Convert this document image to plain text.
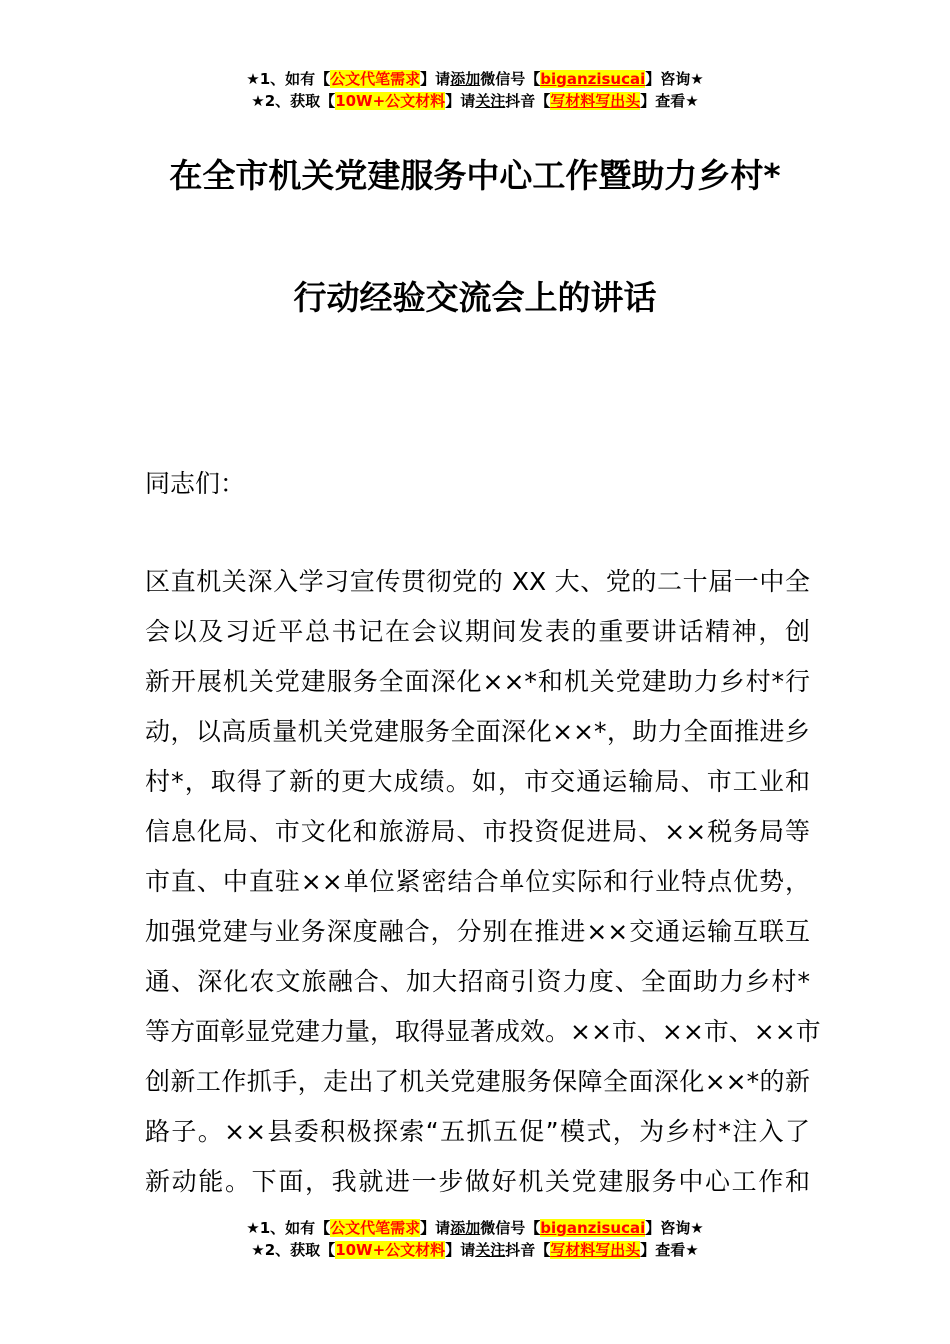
★1、如有【公文代笔需求】请添加微信号【biganzisucai】咨询★
★2、获取【10W+公文材料】请关注抖音【写材料写出头】查看★
在全市机关党建服务中心工作暨助力乡村*
行动经验交流会上的讲话
同志们：
区直机关深入学习宣传贯彻党的 XX 大、党的二十届一中全
会以及习近平总书记在会议期间发表的重要讲话精神，创
新开展机关党建服务全面深化××*和机关党建助力乡村*行
动，以高质量机关党建服务全面深化××*，助力全面推进乡
村*，取得了新的更大成绩。如，市交通运输局、市工业和
信息化局、市文化和旅游局、市投资促进局、××税务局等
市直、中直驻××单位紧密结合单位实际和行业特点优势，
加强党建与业务深度融合，分别在推进××交通运输互联互
通、深化农文旅融合、加大招商引资力度、全面助力乡村*
等方面彰显党建力量，取得显著成效。××市、××市、××市
创新工作抓手，走出了机关党建服务保障全面深化××*的新
路子。××县委积极探索“五抓五促”模式，为乡村*注入了
新动能。下面，我就进一步做好机关党建服务中心工作和
★1、如有【公文代笔需求】请添加微信号【biganzisucai】咨询★
★2、获取【10W+公文材料】请关注抖音【写材料写出头】查看★
